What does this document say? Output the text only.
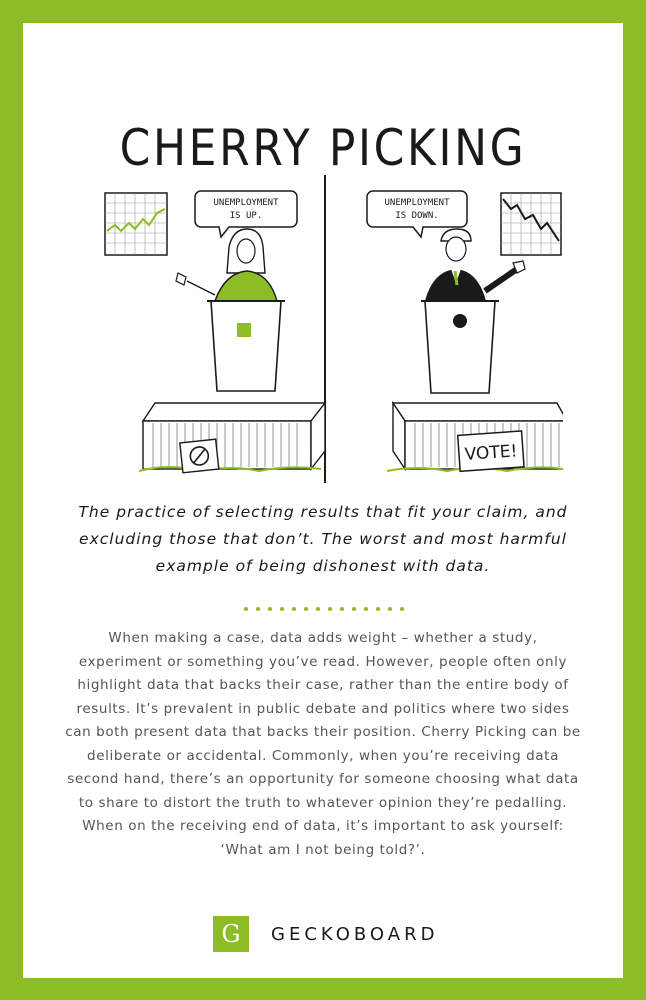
CHERRY PICKING
UNEMPLOYMENT
IS UP.
UNEMPLOYMENT
IS DOWN.
VOTE!

The practice of selecting results that fit your claim, and excluding those that don’t. The worst and most harmful example of being dishonest with data.

When making a case, data adds weight – whether a study, experiment or something you’ve read. However, people often only highlight data that backs their case, rather than the entire body of results. It’s prevalent in public debate and politics where two sides can both present data that backs their position. Cherry Picking can be deliberate or accidental. Commonly, when you’re receiving data second hand, there’s an opportunity for someone choosing what data to share to distort the truth to whatever opinion they’re pedalling. When on the receiving end of data, it’s important to ask yourself: ‘What am I not being told?’.

G	GECKOBOARD
